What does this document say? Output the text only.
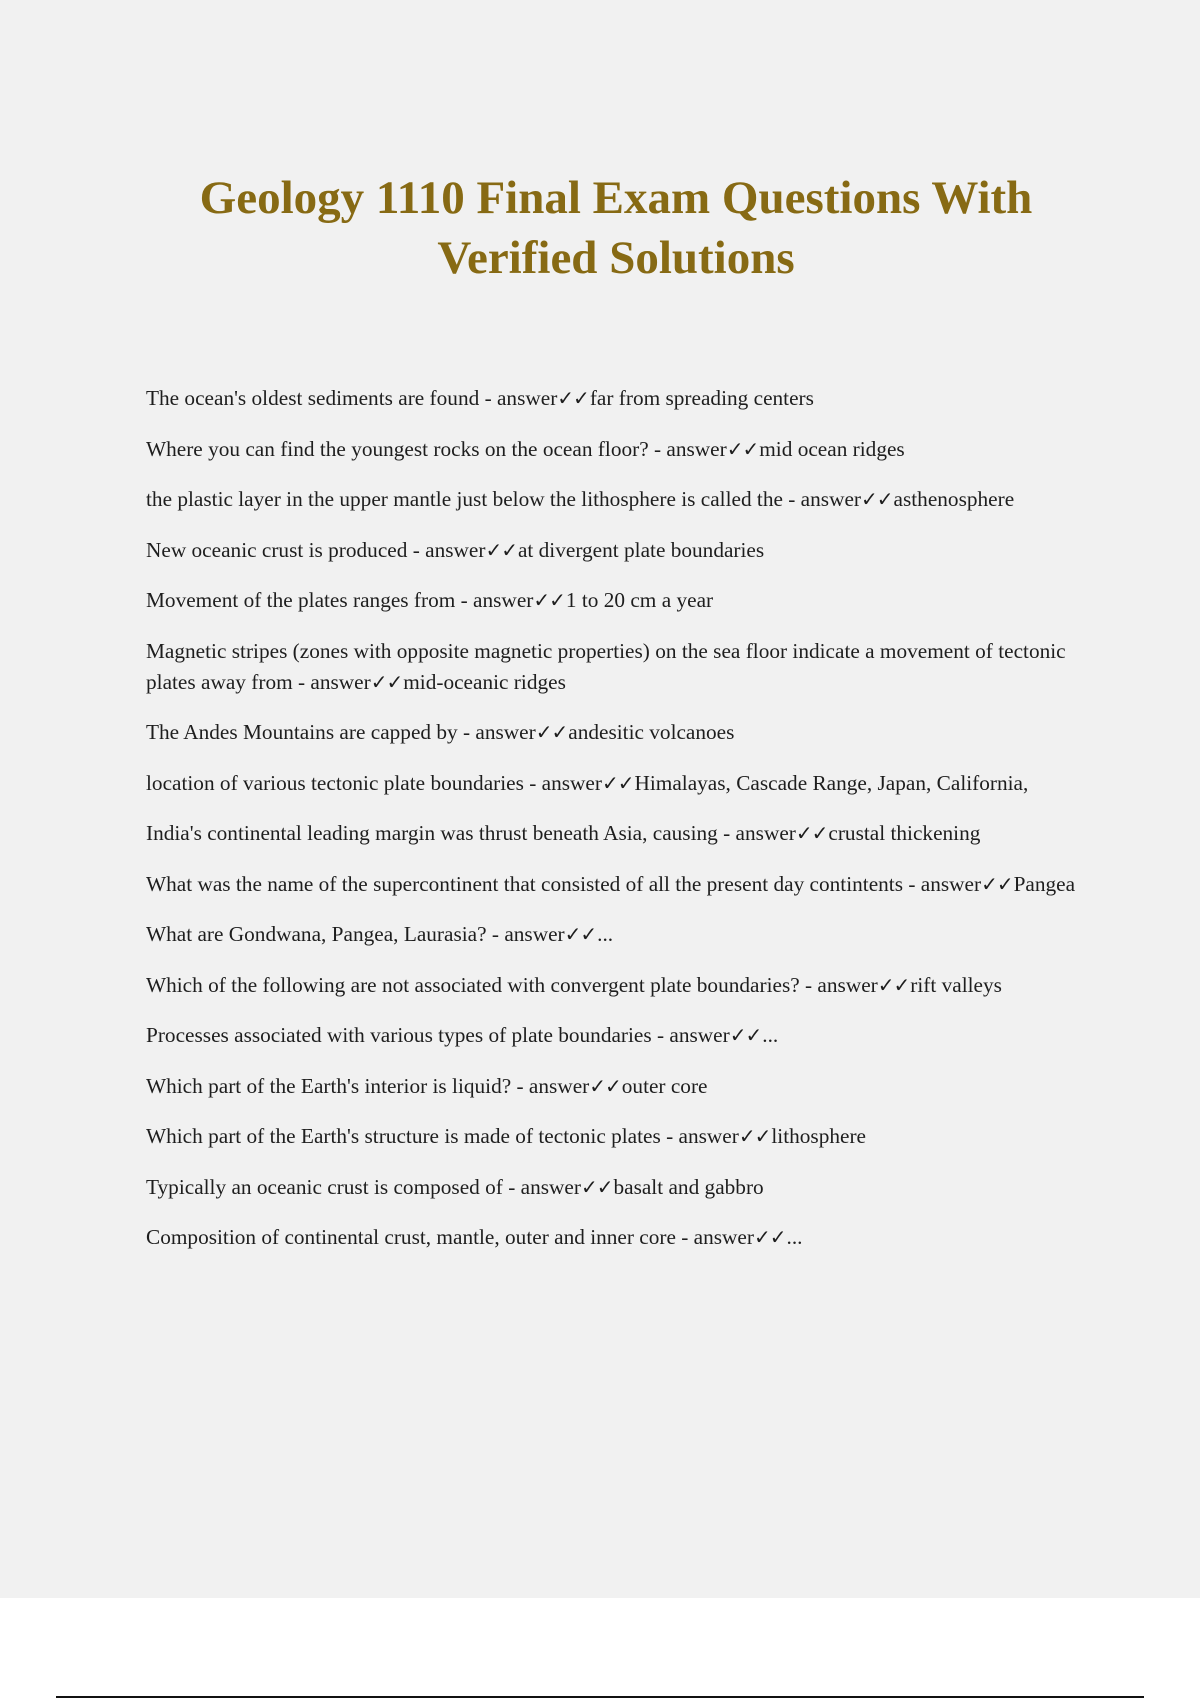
Geology 1110 Final Exam Questions With
Verified Solutions
The ocean's oldest sediments are found - answer✓✓far from spreading centers
Where you can find the youngest rocks on the ocean floor? - answer✓✓mid ocean ridges
the plastic layer in the upper mantle just below the lithosphere is called the - answer✓✓asthenosphere
New oceanic crust is produced - answer✓✓at divergent plate boundaries
Movement of the plates ranges from - answer✓✓1 to 20 cm a year
Magnetic stripes (zones with opposite magnetic properties) on the sea floor indicate a movement of tectonic plates away from - answer✓✓mid-oceanic ridges
The Andes Mountains are capped by - answer✓✓andesitic volcanoes
location of various tectonic plate boundaries - answer✓✓Himalayas, Cascade Range, Japan, California,
India's continental leading margin was thrust beneath Asia, causing - answer✓✓crustal thickening
What was the name of the supercontinent that consisted of all the present day contintents - answer✓✓Pangea
What are Gondwana, Pangea, Laurasia? - answer✓✓...
Which of the following are not associated with convergent plate boundaries? - answer✓✓rift valleys
Processes associated with various types of plate boundaries - answer✓✓...
Which part of the Earth's interior is liquid? - answer✓✓outer core
Which part of the Earth's structure is made of tectonic plates - answer✓✓lithosphere
Typically an oceanic crust is composed of - answer✓✓basalt and gabbro
Composition of continental crust, mantle, outer and inner core - answer✓✓...
